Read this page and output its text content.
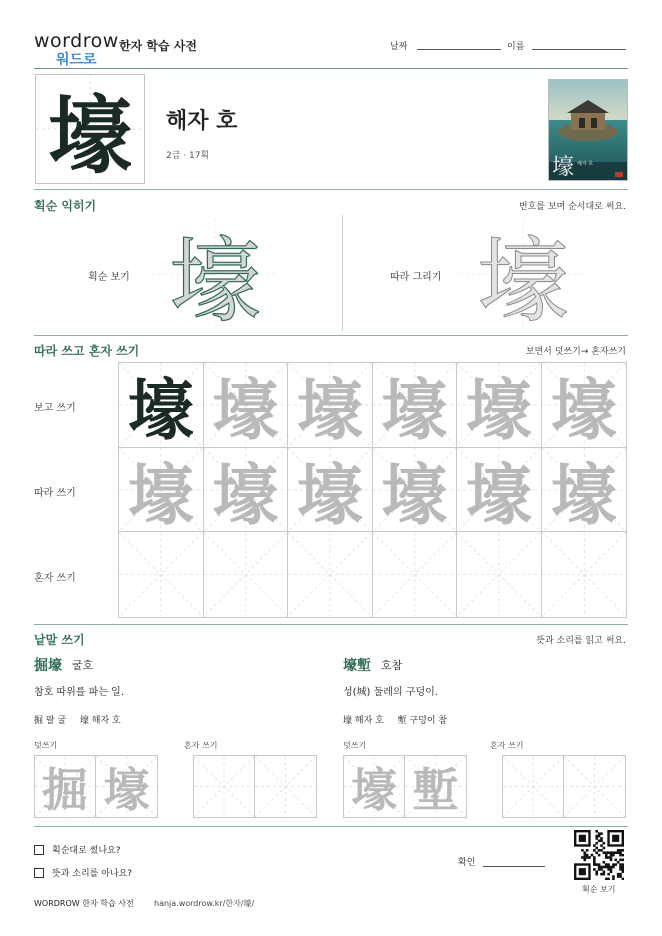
wordrow
워드로
한자 학습 사전	날짜	이름
壕	해자 호
2급 · 17획	壕 해자 호
획순 익히기	번호를 보며 순서대로 써요.
획순 보기 壕	따라 그리기 壕
따라 쓰고 혼자 쓰기	보면서 덧쓰기→ 혼자쓰기
보고 쓰기
따라 쓰기
혼자 쓰기
壕 壕 壕 壕 壕 壕
壕 壕 壕 壕 壕 壕
낱말 쓰기	뜻과 소리를 읽고 써요.
掘壕 굴호
참호 따위를 파는 일.
掘 팔 굴 壕 해자 호
덧쓰기	혼자 쓰기
掘 壕
壕塹 호참
성(城) 둘레의 구덩이.
壕 해자 호 塹 구덩이 참
덧쓰기	혼자 쓰기
壕 塹
획순대로 썼나요?
뜻과 소리를 아나요?
확인
획순 보기
WORDROW 한자 학습 사전	hanja.wordrow.kr/한자/壕/
